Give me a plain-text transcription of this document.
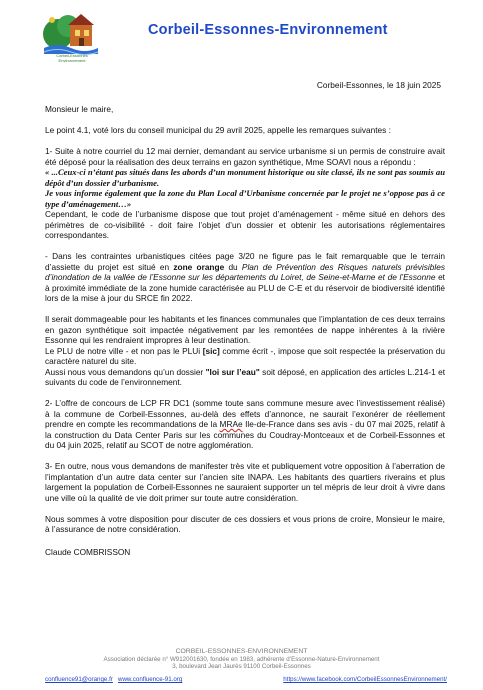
Corbeil-Essonnes
Environnement
Corbeil-Essonnes-Environnement
Corbeil-Essonnes, le 18 juin 2025

Monsieur le maire,

Le point 4.1, voté lors du conseil municipal du 29 avril 2025, appelle les remarques suivantes :

1- Suite à notre courriel du 12 mai dernier, demandant au service urbanisme si un permis de construire avait été déposé pour la réalisation des deux terrains en gazon synthétique, Mme SOAVI nous a répondu :

« ...Ceux-ci n’étant pas situés dans les abords d’un monument historique ou site classé, ils ne sont pas soumis au dépôt d’un dossier d’urbanisme.

Je vous informe également que la zone du Plan Local d’Urbanisme concernée par le projet ne s’oppose pas à ce type d’aménagement…»

Cependant, le code de l’urbanisme dispose que tout projet d’aménagement - même situé en dehors des périmètres de co-visibilité - doit faire l’objet d’un dossier et obtenir les autorisations réglementaires correspondantes.

- Dans les contraintes urbanistiques citées page 3/20 ne figure pas le fait remarquable que le terrain d’assiette du projet est situé en zone orange du Plan de Prévention des Risques naturels prévisibles d’inondation de la vallée de l’Essonne sur les départements du Loiret, de Seine-et-Marne et de l’Essonne et à proximité immédiate de la zone humide caractérisée au PLU de C-E et du réservoir de biodiversité identifié lors de la mise à jour du SRCE fin 2022.

Il serait dommageable pour les habitants et les finances communales que l’implantation de ces deux terrains en gazon synthétique soit impactée négativement par les remontées de nappe inhérentes à la rivière Essonne qui les rendraient impropres à leur destination.

Le PLU de notre ville - et non pas le PLUi [sic] comme écrit -, impose que soit respectée la préservation du caractère naturel du site.

Aussi nous vous demandons qu’un dossier "loi sur l’eau" soit déposé, en application des articles L.214-1 et suivants du code de l’environnement.

2- L’offre de concours de LCP FR DC1 (somme toute sans commune mesure avec l’investissement réalisé) à la commune de Corbeil-Essonnes, au-delà des effets d’annonce, ne saurait l’exonérer de réellement prendre en compte les recommandations de la MRAe Ile-de-France dans ses avis - du 07 mai 2025, relatif à la construction du Data Center Paris sur les communes du Coudray-Montceaux et de Corbeil-Essonnes et du 04 juin 2025, relatif au SCOT de notre agglomération.

3- En outre, nous vous demandons de manifester très vite et publiquement votre opposition à l’aberration de l’implantation d’un autre data center sur l’ancien site INAPA. Les habitants des quartiers riverains et plus largement la population de Corbeil-Essonnes ne sauraient supporter un tel mépris de leur droit à vivre dans une ville où la qualité de vie doit primer sur toute autre considération.

Nous sommes à votre disposition pour discuter de ces dossiers et vous prions de croire, Monsieur le maire, à l’assurance de notre considération.

Claude COMBRISSON

CORBEIL-ESSONNES-ENVIRONNEMENT
Association déclarée n° W912001630, fondée en 1983, adhérente d’Essonne-Nature-Environnement
3, boulevard Jean Jaurès 91100 Corbeil-Essonnes
confluence91@orange.fr www.confluence-91.org	https://www.facebook.com/CorbeilEssonnesEnvironnement/
